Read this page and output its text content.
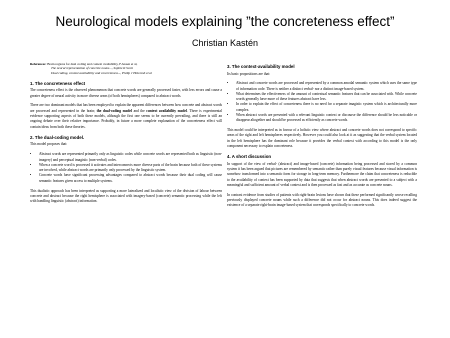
Neurological models explaining ”the concreteness effect”
Christian Kastén
References: Brain regions for dual coding and context availability, F.Jessen et al,
The neural representation of concrete nouns..., Sophie K Scott
Dual coding, context availability and concreteness..., Philip J Holcomb et al
1. The concreteness effect

The concreteness effect is the observed phenomenon that concrete words are generally processed faster, with less errors and cause a greater degree of neural activity in more diverse areas (of both hemispheres) compared to abstract words.

There are two dominant models that has been employed to explain the apparent differences between how concrete and abstract words are processed and represented in the brain; the dual-coding model and the context availability model. There is experimental evidence supporting aspects of both these models, although the first one seems to be currently prevailing, and there is still an ongoing debate over their relative importance. Probably, in future a more complete explanation of the concreteness effect will contain ideas from both these theories.

2. The dual-coding model.

This model proposes that:

• Abstract words are represented primarily only as linguistic codes while concrete words are represented both as linguistic (non-imagery) and perceptual imagistic (non-verbal) codes.
• When a concrete word is processed it activates and interconnects more diverse parts of the brain because both of these systems are involved, while abstract words are primarily only processed by the linguistic system.
• Concrete words have significant processing advantages compared to abstract words because their dual coding will cause semantic features given access to multiple systems.

This dualistic approach has been interpreted as supporting a more lateralized and localistic view of the division of labour between concrete and abstract because the right hemisphere is associated with imagery-based (concrete) semantic processing while the left with handling linguistic (abstract) information.

3. The context-availability model

Its basic propositions are that:

• Abstract and concrete words are processed and represented by a common amodal semantic system which uses the same type of information code. There is neither a distinct verbal- nor a distinct image-based system.
• What determines the effectiveness of the amount of contextual semantic features that can be associated with. While concrete words generally have more of these features abstract have less.
• In order to explain the effect of concreteness there is no need for a separate imagistic system which is architecturally more complex.
• When abstract words are presented with a relevant linguistic context or discourse the difference should be less noticable or disappear altogether and should be processed as efficiently as concrete words.

This model could be interpreted as in favour of a holistic view where abstract and concrete words does not correspond to specific areas of the right and left hemispheres respectively. However you could also look at it as suggesting that the verbal system located in the left hemisphere has the dominant role because it provides the verbal context with according to this model is the only component necessary to explain concreteness.

4. A short discussion

In support of the view of verbal- (abstract) and image-based (concrete) information being processed and stored by a common system it has been argued that pictures are remembered by semantic rather than purely visual features because visual information is somehow transformed into a semantic form for storage in long-term memory. Furthermore the claim that concreteness is reducible to the availability of context has been supported by data that suggests that when abstract words are presented to a subject with a meaningful and sufficient amount of verbal context and is then processed as fast and as accurate as concrete nouns.

In contrast evidence from studies of patients with right-brain lesions have shown that these performed significantly worse recalling previously displayed concrete nouns while such a difference did not occur for abstract nouns. This does indeed suggest the existence of a separate right-brain image-based system that corresponds specifically to concrete words.
